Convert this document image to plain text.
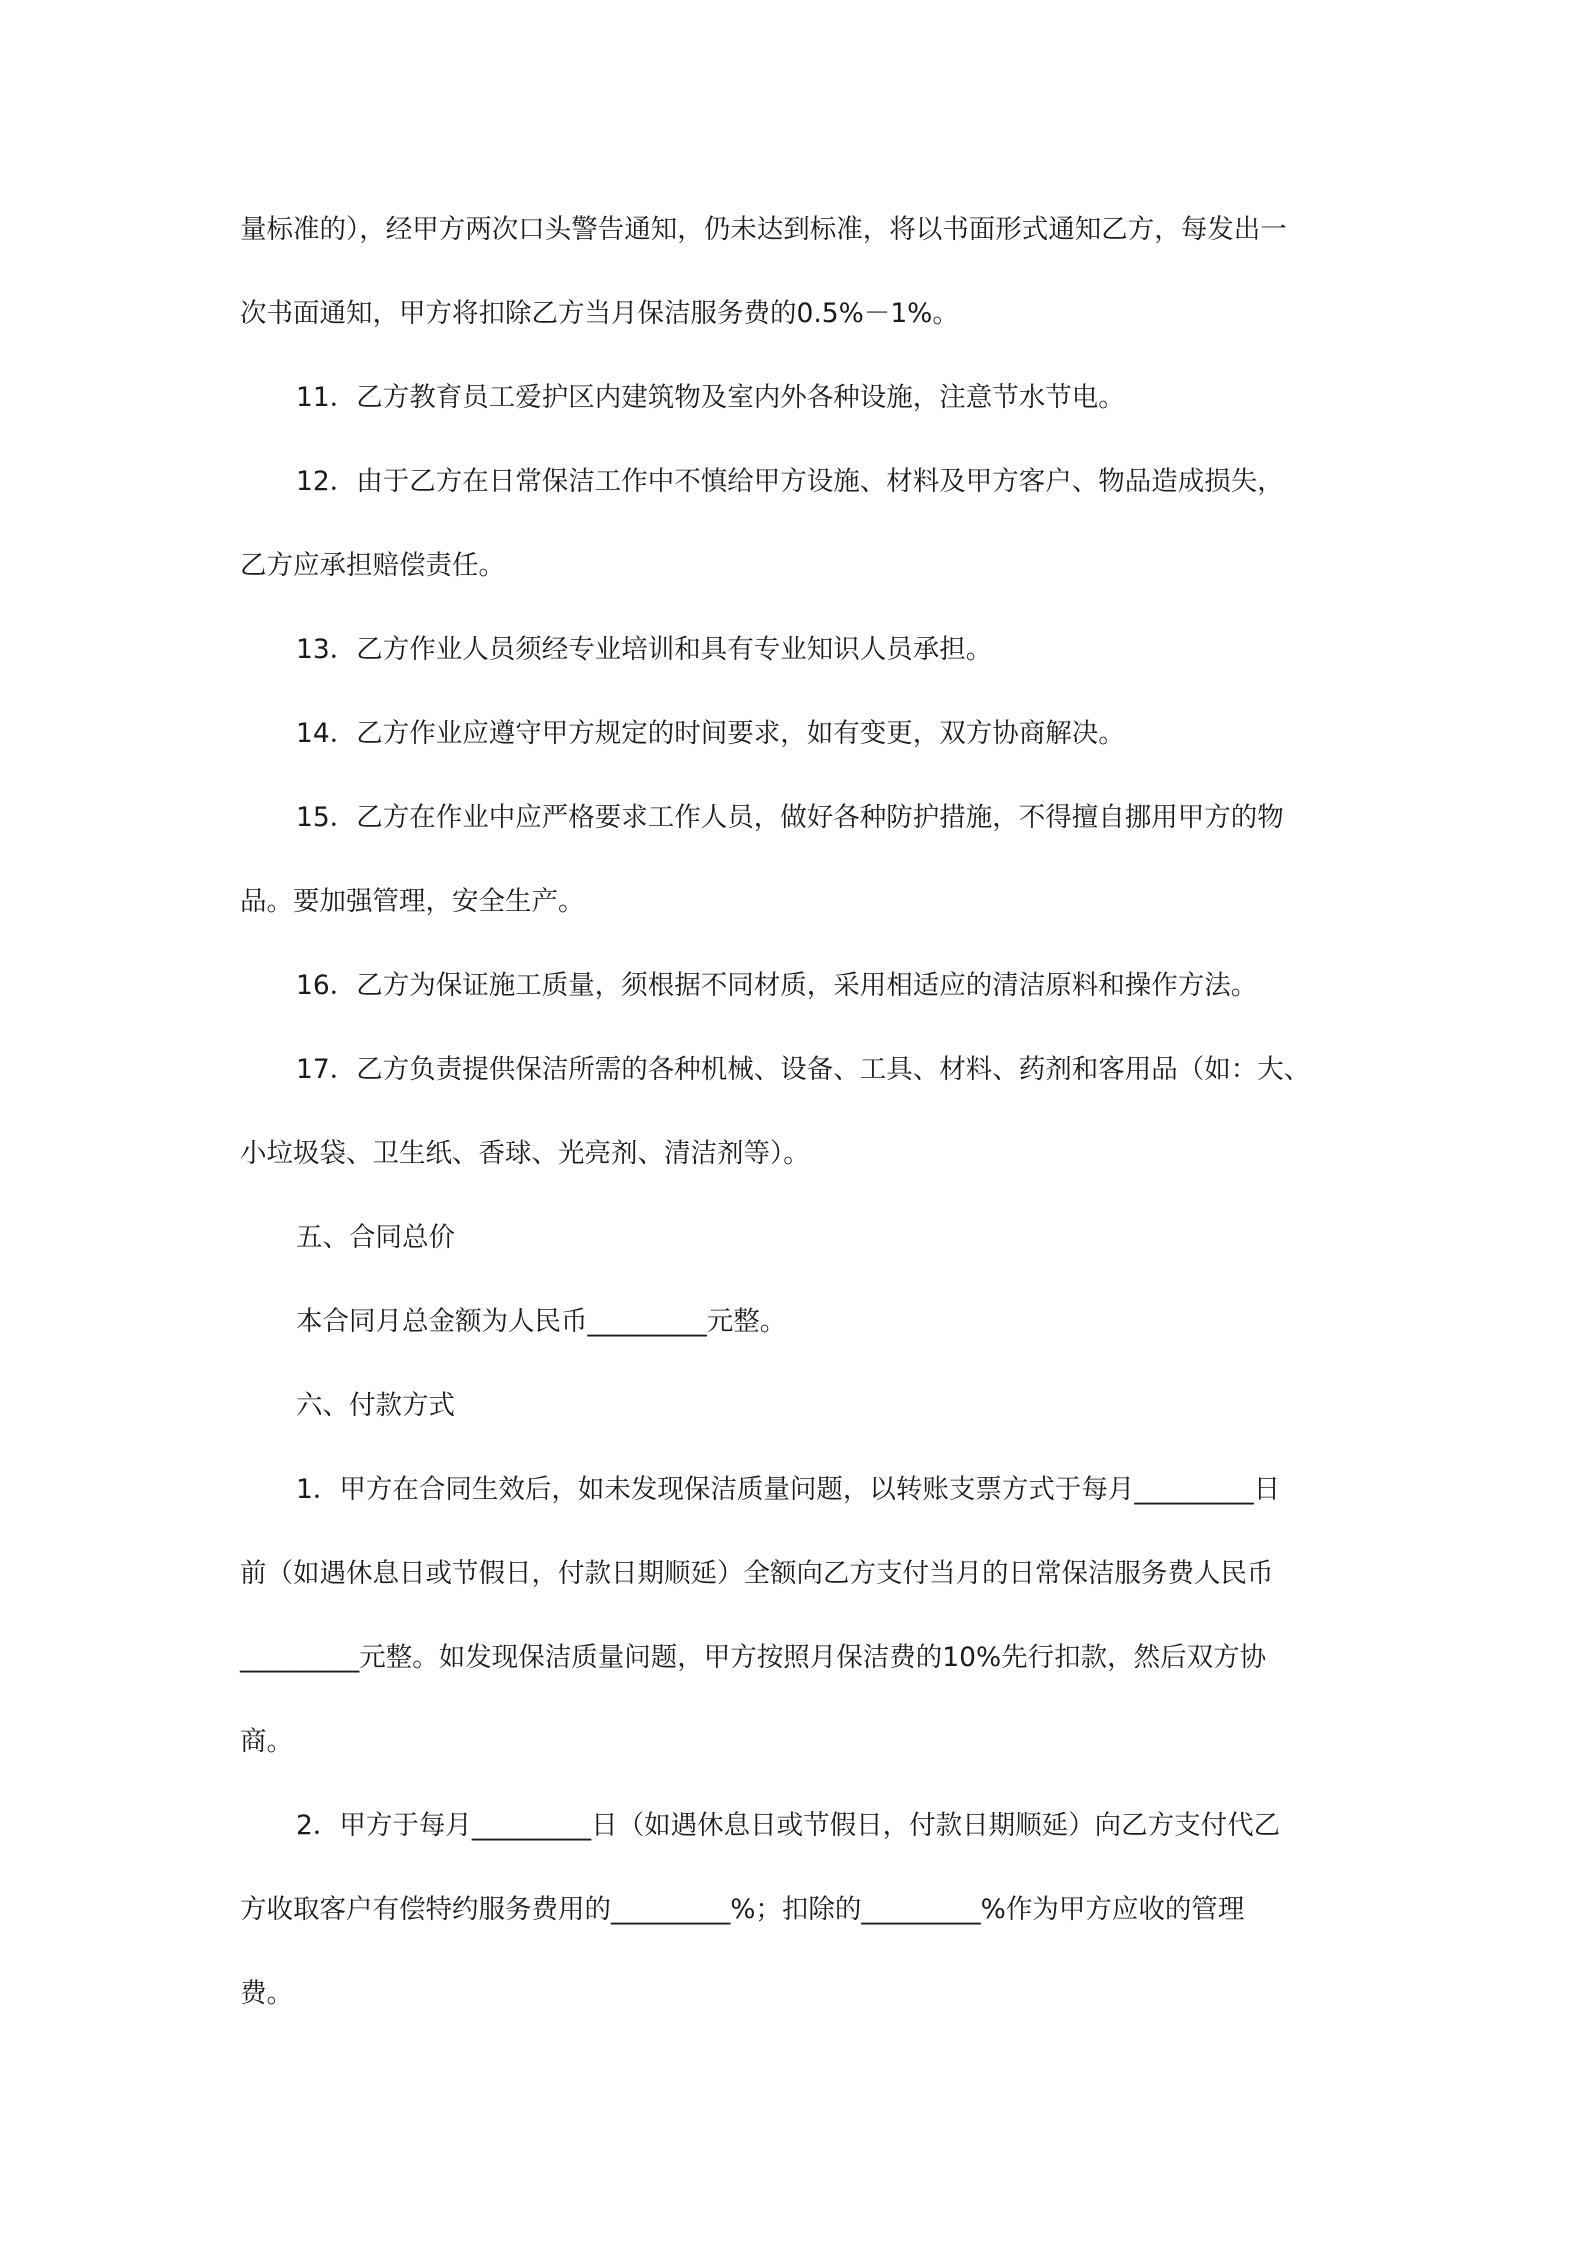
量标准的），经甲方两次口头警告通知，仍未达到标准，将以书面形式通知乙方，每发出一
次书面通知，甲方将扣除乙方当月保洁服务费的0.5%－1%。
11．乙方教育员工爱护区内建筑物及室内外各种设施，注意节水节电。
12．由于乙方在日常保洁工作中不慎给甲方设施、材料及甲方客户、物品造成损失，
乙方应承担赔偿责任。
13．乙方作业人员须经专业培训和具有专业知识人员承担。
14．乙方作业应遵守甲方规定的时间要求，如有变更，双方协商解决。
15．乙方在作业中应严格要求工作人员，做好各种防护措施，不得擅自挪用甲方的物
品。要加强管理，安全生产。
16．乙方为保证施工质量，须根据不同材质，采用相适应的清洁原料和操作方法。
17．乙方负责提供保洁所需的各种机械、设备、工具、材料、药剂和客用品（如：大、
小垃圾袋、卫生纸、香球、光亮剂、清洁剂等）。
五、合同总价
本合同月总金额为人民币_________元整。
六、付款方式
1．甲方在合同生效后，如未发现保洁质量问题，以转账支票方式于每月_________日
前（如遇休息日或节假日，付款日期顺延）全额向乙方支付当月的日常保洁服务费人民币
_________元整。如发现保洁质量问题，甲方按照月保洁费的10%先行扣款，然后双方协
商。
2．甲方于每月_________日（如遇休息日或节假日，付款日期顺延）向乙方支付代乙
方收取客户有偿特约服务费用的_________%；扣除的_________%作为甲方应收的管理
费。
